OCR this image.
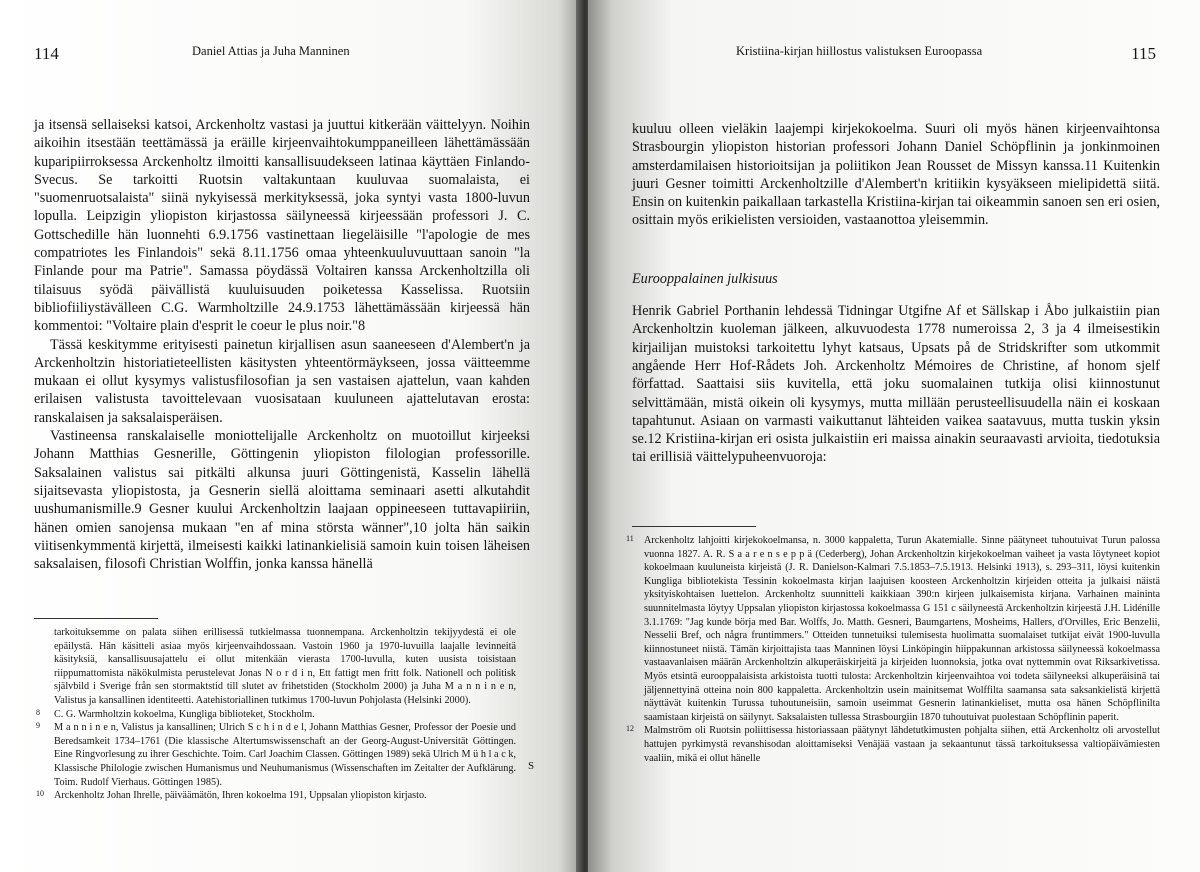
114	Daniel Attias ja Juha Manninen

ja itsensä sellaiseksi katsoi, Arckenholtz vastasi ja juuttui kitkerään väittelyyn. Noihin aikoihin itsestään teettämässä ja eräille kirjeenvaihtokumppaneilleen lähettämässään kuparipiirroksessa Arckenholtz ilmoitti kansallisuudekseen latinaa käyttäen Finlando-Svecus. Se tarkoitti Ruotsin valtakuntaan kuuluvaa suomalaista, ei "suomenruotsalaista" siinä nykyisessä merkityksessä, joka syntyi vasta 1800-luvun lopulla. Leipzigin yliopiston kirjastossa säilyneessä kirjeessään professori J. C. Gottschedille hän luonnehti 6.9.1756 vastinettaan liegeläisille "l'apologie de mes compatriotes les Finlandois" sekä 8.11.1756 omaa yhteenkuuluvuuttaan sanoin "la Finlande pour ma Patrie". Samassa pöydässä Voltairen kanssa Arckenholtzilla oli tilaisuus syödä päivällistä kuuluisuuden poiketessa Kasselissa. Ruotsiin bibliofiiliystävälleen C.G. Warmholtzille 24.9.1753 lähettämässään kirjeessä hän kommentoi: "Voltaire plain d'esprit le coeur le plus noir."8

Tässä keskitymme erityisesti painetun kirjallisen asun saaneeseen d'Alembert'n ja Arckenholtzin historiatieteellisten käsitysten yhteentörmäykseen, jossa väitteemme mukaan ei ollut kysymys valistusfilosofian ja sen vastaisen ajattelun, vaan kahden erilaisen valistusta tavoittelevaan vuosisataan kuuluneen ajattelutavan erosta: ranskalaisen ja saksalaisperäisen.

Vastineensa ranskalaiselle moniottelijalle Arckenholtz on muotoillut kirjeeksi Johann Matthias Gesnerille, Göttingenin yliopiston filologian professorille. Saksalainen valistus sai pitkälti alkunsa juuri Göttingenistä, Kasselin lähellä sijaitsevasta yliopistosta, ja Gesnerin siellä aloittama seminaari asetti alkutahdit uushumanismille.9 Gesner kuului Arckenholtzin laajaan oppineeseen tuttavapiiriin, hänen omien sanojensa mukaan "en af mina största wänner",10 jolta hän saikin viitisenkymmentä kirjettä, ilmeisesti kaikki latinankielisiä samoin kuin toisen läheisen saksalaisen, filosofi Christian Wolffin, jonka kanssa hänellä

tarkoituksemme on palata siihen erillisessä tutkielmassa tuonnempana. Arckenholtzin tekijyydestä ei ole epäilystä. Hän käsitteli asiaa myös kirjeenvaihdossaan. Vastoin 1960 ja 1970-luvuilla laajalle levinneitä käsityksiä, kansallisuusajattelu ei ollut mitenkään vierasta 1700-luvulla, kuten uusista toisistaan riippumattomista näkökulmista perustelevat Jonas N o r d i n, Ett fattigt men fritt folk. Nationell och politisk självbild i Sverige från sen stormaktstid till slutet av frihetstiden (Stockholm 2000) ja Juha M a n n i n e n, Valistus ja kansallinen identiteetti. Aatehistoriallinen tutkimus 1700-luvun Pohjolasta (Helsinki 2000).

8 C. G. Warmholtzin kokoelma, Kungliga biblioteket, Stockholm.
9 M a n n i n e n, Valistus ja kansallinen; Ulrich S c h i n d e l, Johann Matthias Gesner, Professor der Poesie und Beredsamkeit 1734–1761 (Die klassische Altertumswissenschaft an der Georg-August-Universität Göttingen. Eine Ringvorlesung zu ihrer Geschichte. Toim. Carl Joachim Classen. Göttingen 1989) sekä Ulrich M ü h l a c k, Klassische Philologie zwischen Humanismus und Neuhumanismus (Wissenschaften im Zeitalter der Aufklärung. Toim. Rudolf Vierhaus. Göttingen 1985).
10 Arckenholtz Johan Ihrelle, päiväämätön, Ihren kokoelma 191, Uppsalan yliopiston kirjasto.
S
Kristiina-kirjan hiillostus valistuksen Euroopassa	115

kuuluu olleen vieläkin laajempi kirjekokoelma. Suuri oli myös hänen kirjeenvaihtonsa Strasbourgin yliopiston historian professori Johann Daniel Schöpflinin ja jonkinmoinen amsterdamilaisen historioitsijan ja poliitikon Jean Rousset de Missyn kanssa.11 Kuitenkin juuri Gesner toimitti Arckenholtzille d'Alembert'n kritiikin kysyäkseen mielipidettä siitä. Ensin on kuitenkin paikallaan tarkastella Kristiina-kirjan tai oikeammin sanoen sen eri osien, osittain myös erikielisten versioiden, vastaanottoa yleisemmin.

Eurooppalainen julkisuus

Henrik Gabriel Porthanin lehdessä Tidningar Utgifne Af et Sällskap i Åbo julkaistiin pian Arckenholtzin kuoleman jälkeen, alkuvuodesta 1778 numeroissa 2, 3 ja 4 ilmeisestikin kirjailijan muistoksi tarkoitettu lyhyt katsaus, Upsats på de Stridskrifter som utkommit angående Herr Hof-Rådets Joh. Arckenholtz Mémoires de Christine, af honom sjelf författad. Saattaisi siis kuvitella, että joku suomalainen tutkija olisi kiinnostunut selvittämään, mistä oikein oli kysymys, mutta millään perusteellisuudella näin ei koskaan tapahtunut. Asiaan on varmasti vaikuttanut lähteiden vaikea saatavuus, mutta tuskin yksin se.12 Kristiina-kirjan eri osista julkaistiin eri maissa ainakin seuraavasti arvioita, tiedotuksia tai erillisiä väittelypuheenvuoroja:

11 Arckenholtz lahjoitti kirjekokoelmansa, n. 3000 kappaletta, Turun Akatemialle. Sinne päätyneet tuhoutuivat Turun palossa vuonna 1827. A. R. S a a r e n s e p p ä (Cederberg), Johan Arckenholtzin kirjekokoelman vaiheet ja vasta löytyneet kopiot kokoelmaan kuuluneista kirjeistä (J. R. Danielson-Kalmari 7.5.1853–7.5.1913. Helsinki 1913), s. 293–311, löysi kuitenkin Kungliga bibliotekista Tessinin kokoelmasta kirjan laajuisen koosteen Arckenholtzin kirjeiden otteita ja julkaisi näistä yksityiskohtaisen luettelon. Arckenholtz suunnitteli kaikkiaan 390:n kirjeen julkaisemista kirjana. Varhainen maininta suunnitelmasta löytyy Uppsalan yliopiston kirjastossa kokoelmassa G 151 c säilyneestä Arckenholtzin kirjeestä J.H. Lidénille 3.1.1769: "Jag kunde börja med Bar. Wolffs, Jo. Matth. Gesneri, Baumgartens, Mosheims, Hallers, d'Orvilles, Eric Benzelii, Nesselii Bref, och några fruntimmers." Otteiden tunnetuiksi tulemisesta huolimatta suomalaiset tutkijat eivät 1900-luvulla kiinnostuneet niistä. Tämän kirjoittajista taas Manninen löysi Linköpingin hiippakunnan arkistossa säilyneessä kokoelmassa vastaavanlaisen määrän Arckenholtzin alkuperäiskirjeitä ja kirjeiden luonnoksia, jotka ovat nyttemmin ovat Riksarkivetissa. Myös etsintä eurooppalaisista arkistoista tuotti tulosta: Arckenholtzin kirjeenvaihtoa voi todeta säilyneeksi alkuperäisinä tai jäljennettyinä otteina noin 800 kappaletta. Arckenholtzin usein mainitsemat Wolffilta saamansa sata saksankielistä kirjettä näyttävät kuitenkin Turussa tuhoutuneisiin, samoin useimmat Gesnerin latinankieliset, mutta osa hänen Schöpflinilta saamistaan kirjeistä on säilynyt. Saksalaisten tullessa Strasbourgiin 1870 tuhoutuivat puolestaan Schöpflinin paperit.
12 Malmström oli Ruotsin poliittisessa historiassaan päätynyt lähdetutkimusten pohjalta siihen, että Arckenholtz oli arvostellut hattujen pyrkimystä revanshisodan aloittamiseksi Venäjää vastaan ja sekaantunut tässä tarkoituksessa valtiopäivämiesten vaaliin, mikä ei ollut hänelle
